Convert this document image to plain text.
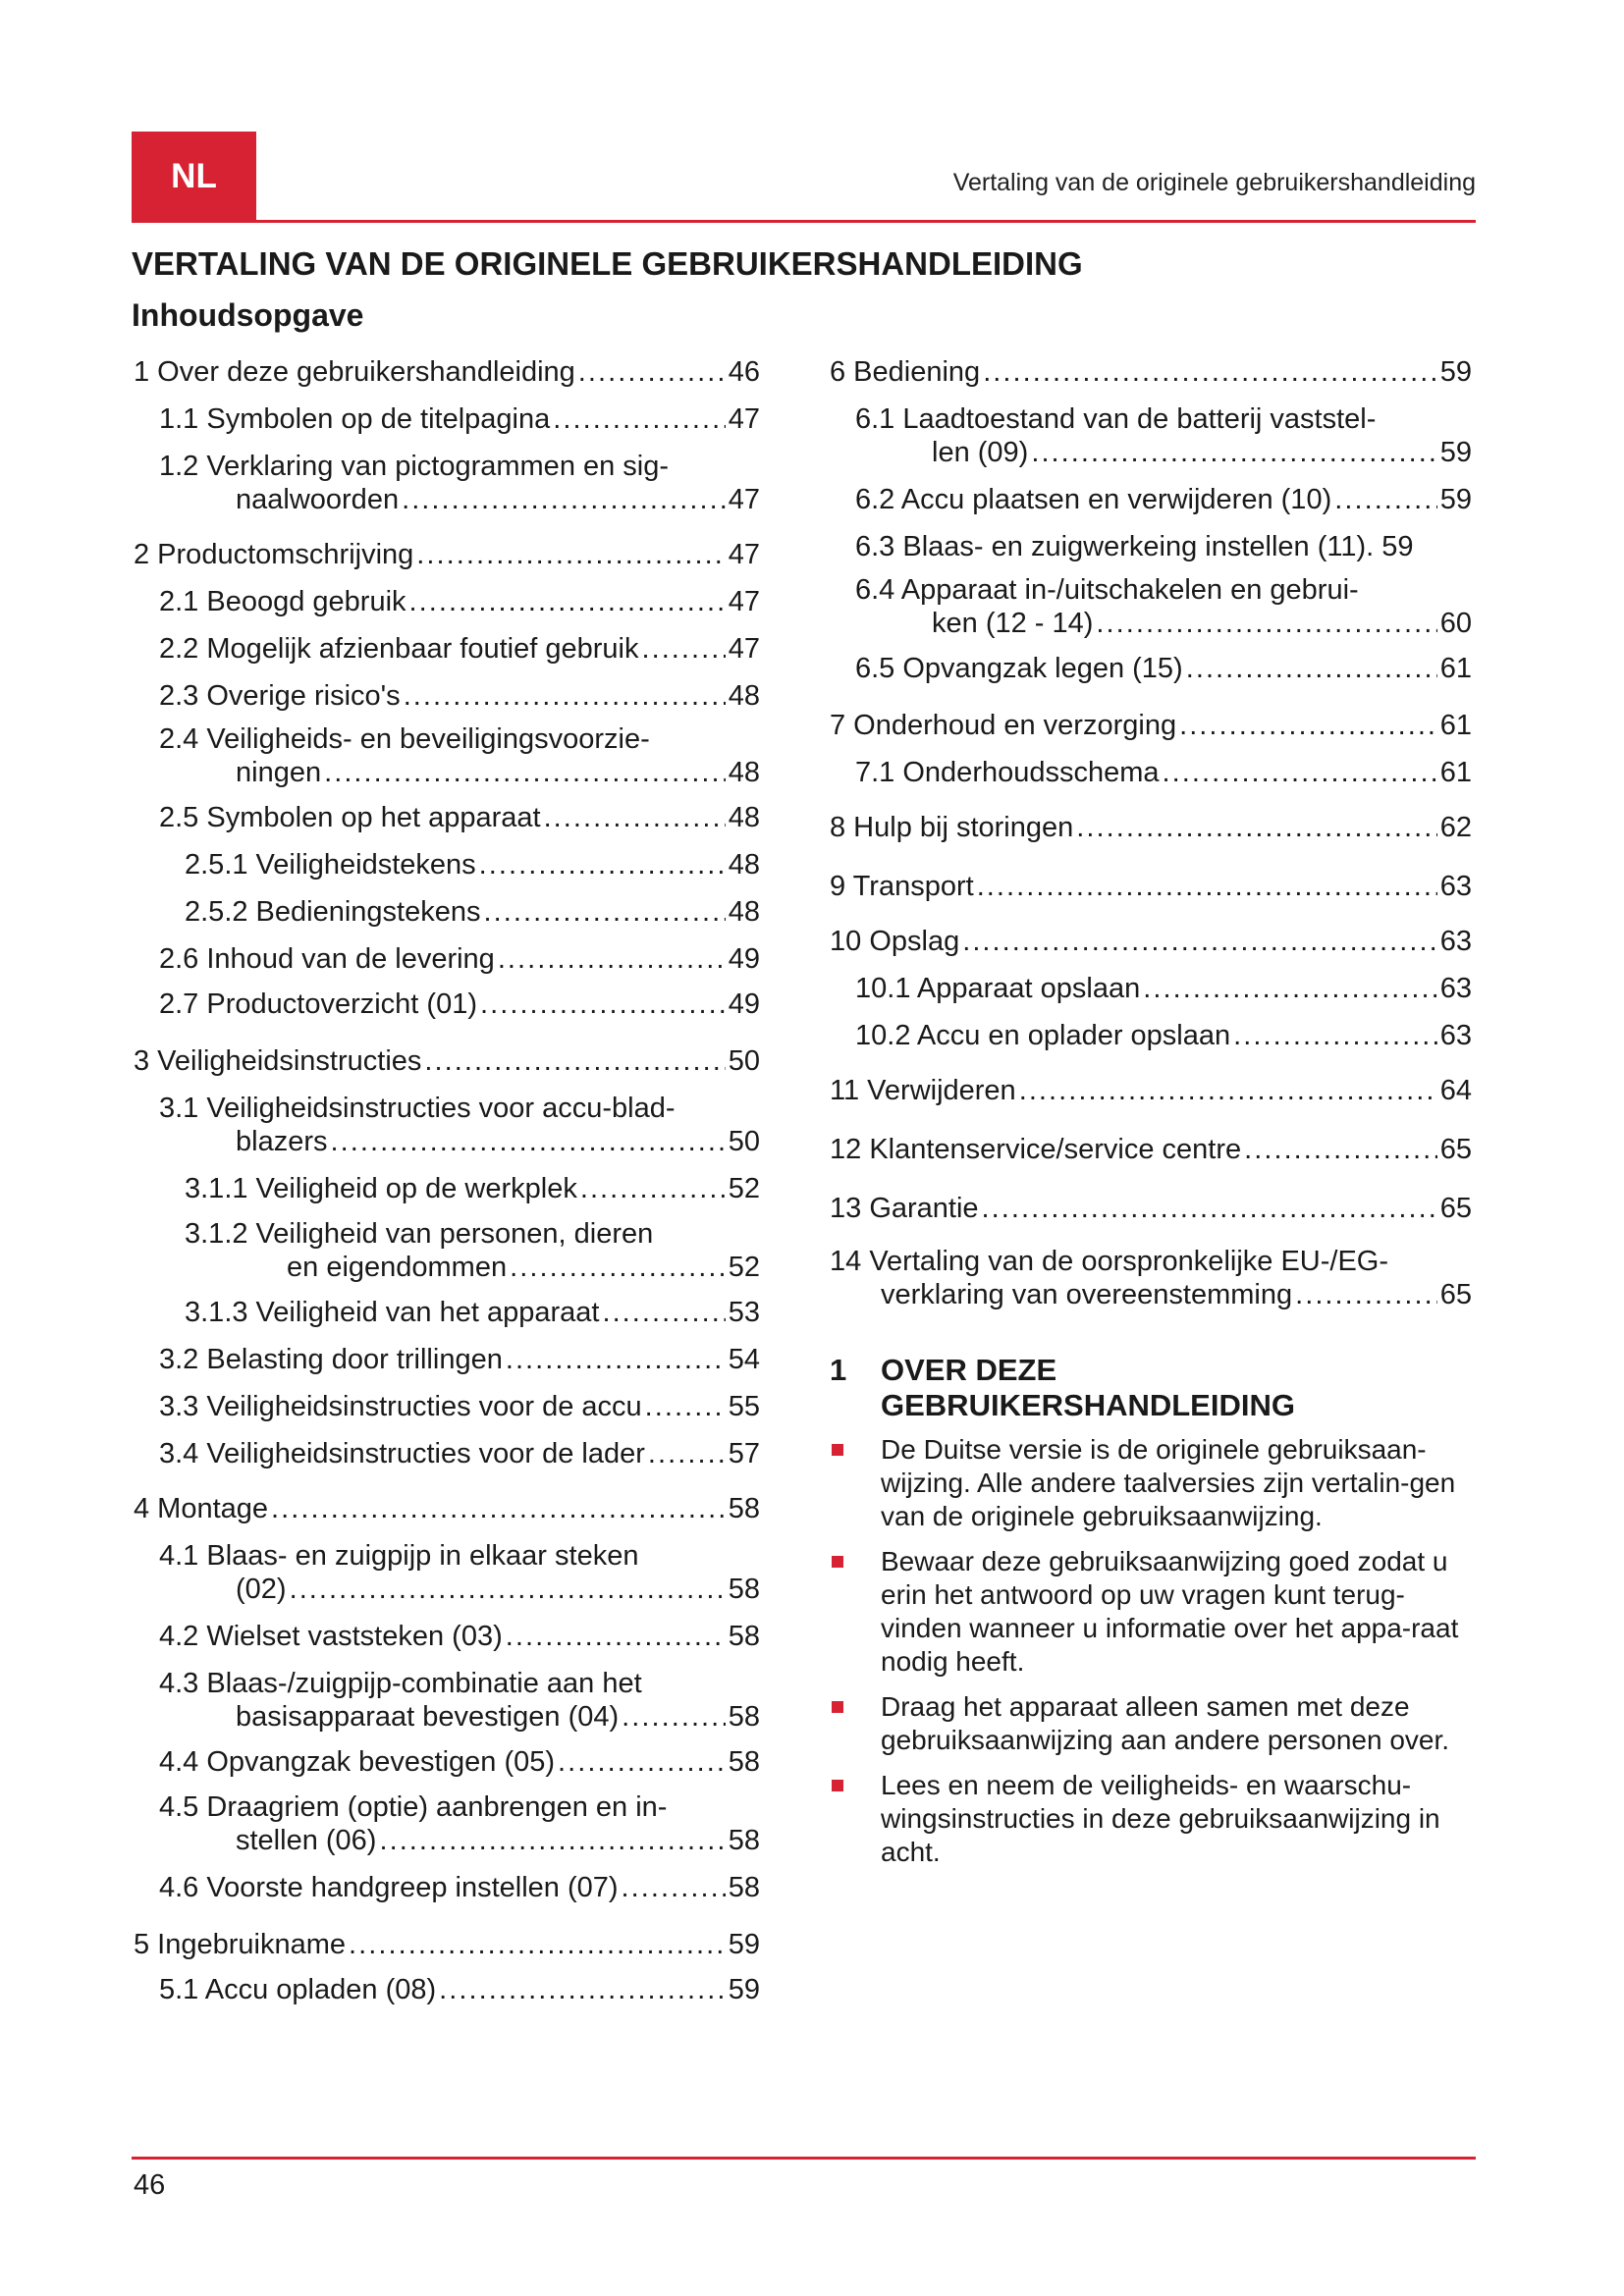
NL	Vertaling van de originele gebruikershandleiding
VERTALING VAN DE ORIGINELE GEBRUIKERSHANDLEIDING
Inhoudsopgave
1 Over deze gebruikershandleiding . . .	46
1.1 Symbolen op de titelpagina . . .	47
1.2 Verklaring van pictogrammen en sig-
naalwoorden . . .	47
2 Productomschrijving . . .	47
2.1 Beoogd gebruik . . .	47
2.2 Mogelijk afzienbaar foutief gebruik . . .	47
2.3 Overige risico's . . .	48
2.4 Veiligheids- en beveiligingsvoorzie-
ningen . . .	48
2.5 Symbolen op het apparaat . . .	48
2.5.1 Veiligheidstekens . . .	48
2.5.2 Bedieningstekens . . .	48
2.6 Inhoud van de levering . . .	49
2.7 Productoverzicht (01) . . .	49
3 Veiligheidsinstructies . . .	50
3.1 Veiligheidsinstructies voor accu-blad-
blazers . . .	50
3.1.1 Veiligheid op de werkplek . . .	52
3.1.2 Veiligheid van personen, dieren
en eigendommen . . .	52
3.1.3 Veiligheid van het apparaat . . .	53
3.2 Belasting door trillingen . . .	54
3.3 Veiligheidsinstructies voor de accu . . .	55
3.4 Veiligheidsinstructies voor de lader . . .	57
4 Montage . . .	58
4.1 Blaas- en zuigpijp in elkaar steken
(02) . . .	58
4.2 Wielset vaststeken (03) . . .	58
4.3 Blaas-/zuigpijp-combinatie aan het
basisapparaat bevestigen (04) . . .	58
4.4 Opvangzak bevestigen (05) . . .	58
4.5 Draagriem (optie) aanbrengen en in-
stellen (06) . . .	58
4.6 Voorste handgreep instellen (07) . . .	58
5 Ingebruikname . . .	59
5.1 Accu opladen (08) . . .	59
6 Bediening . . .	59
6.1 Laadtoestand van de batterij vaststel-
len (09) . . .	59
6.2 Accu plaatsen en verwijderen (10) . . .	59
6.3 Blaas- en zuigwerkeing instellen (11). 59
6.4 Apparaat in-/uitschakelen en gebrui-
ken (12 - 14) . . .	60
6.5 Opvangzak legen (15) . . .	61
7 Onderhoud en verzorging . . .	61
7.1 Onderhoudsschema . . .	61
8 Hulp bij storingen . . .	62
9 Transport . . .	63
10 Opslag . . .	63
10.1 Apparaat opslaan . . .	63
10.2 Accu en oplader opslaan . . .	63
11 Verwijderen . . .	64
12 Klantenservice/service centre . . .	65
13 Garantie . . .	65
14 Vertaling van de oorspronkelijke EU-/EG-
verklaring van overeenstemming . . .	65
1 OVER DEZE
GEBRUIKERSHANDLEIDING
De Duitse versie is de originele gebruiksaan-wijzing. Alle andere taalversies zijn vertalin-gen van de originele gebruiksaanwijzing.
Bewaar deze gebruiksaanwijzing goed zodat u erin het antwoord op uw vragen kunt terug-vinden wanneer u informatie over het appa-raat nodig heeft.
Draag het apparaat alleen samen met deze gebruiksaanwijzing aan andere personen over.
Lees en neem de veiligheids- en waarschu-wingsinstructies in deze gebruiksaanwijzing in acht.
46
